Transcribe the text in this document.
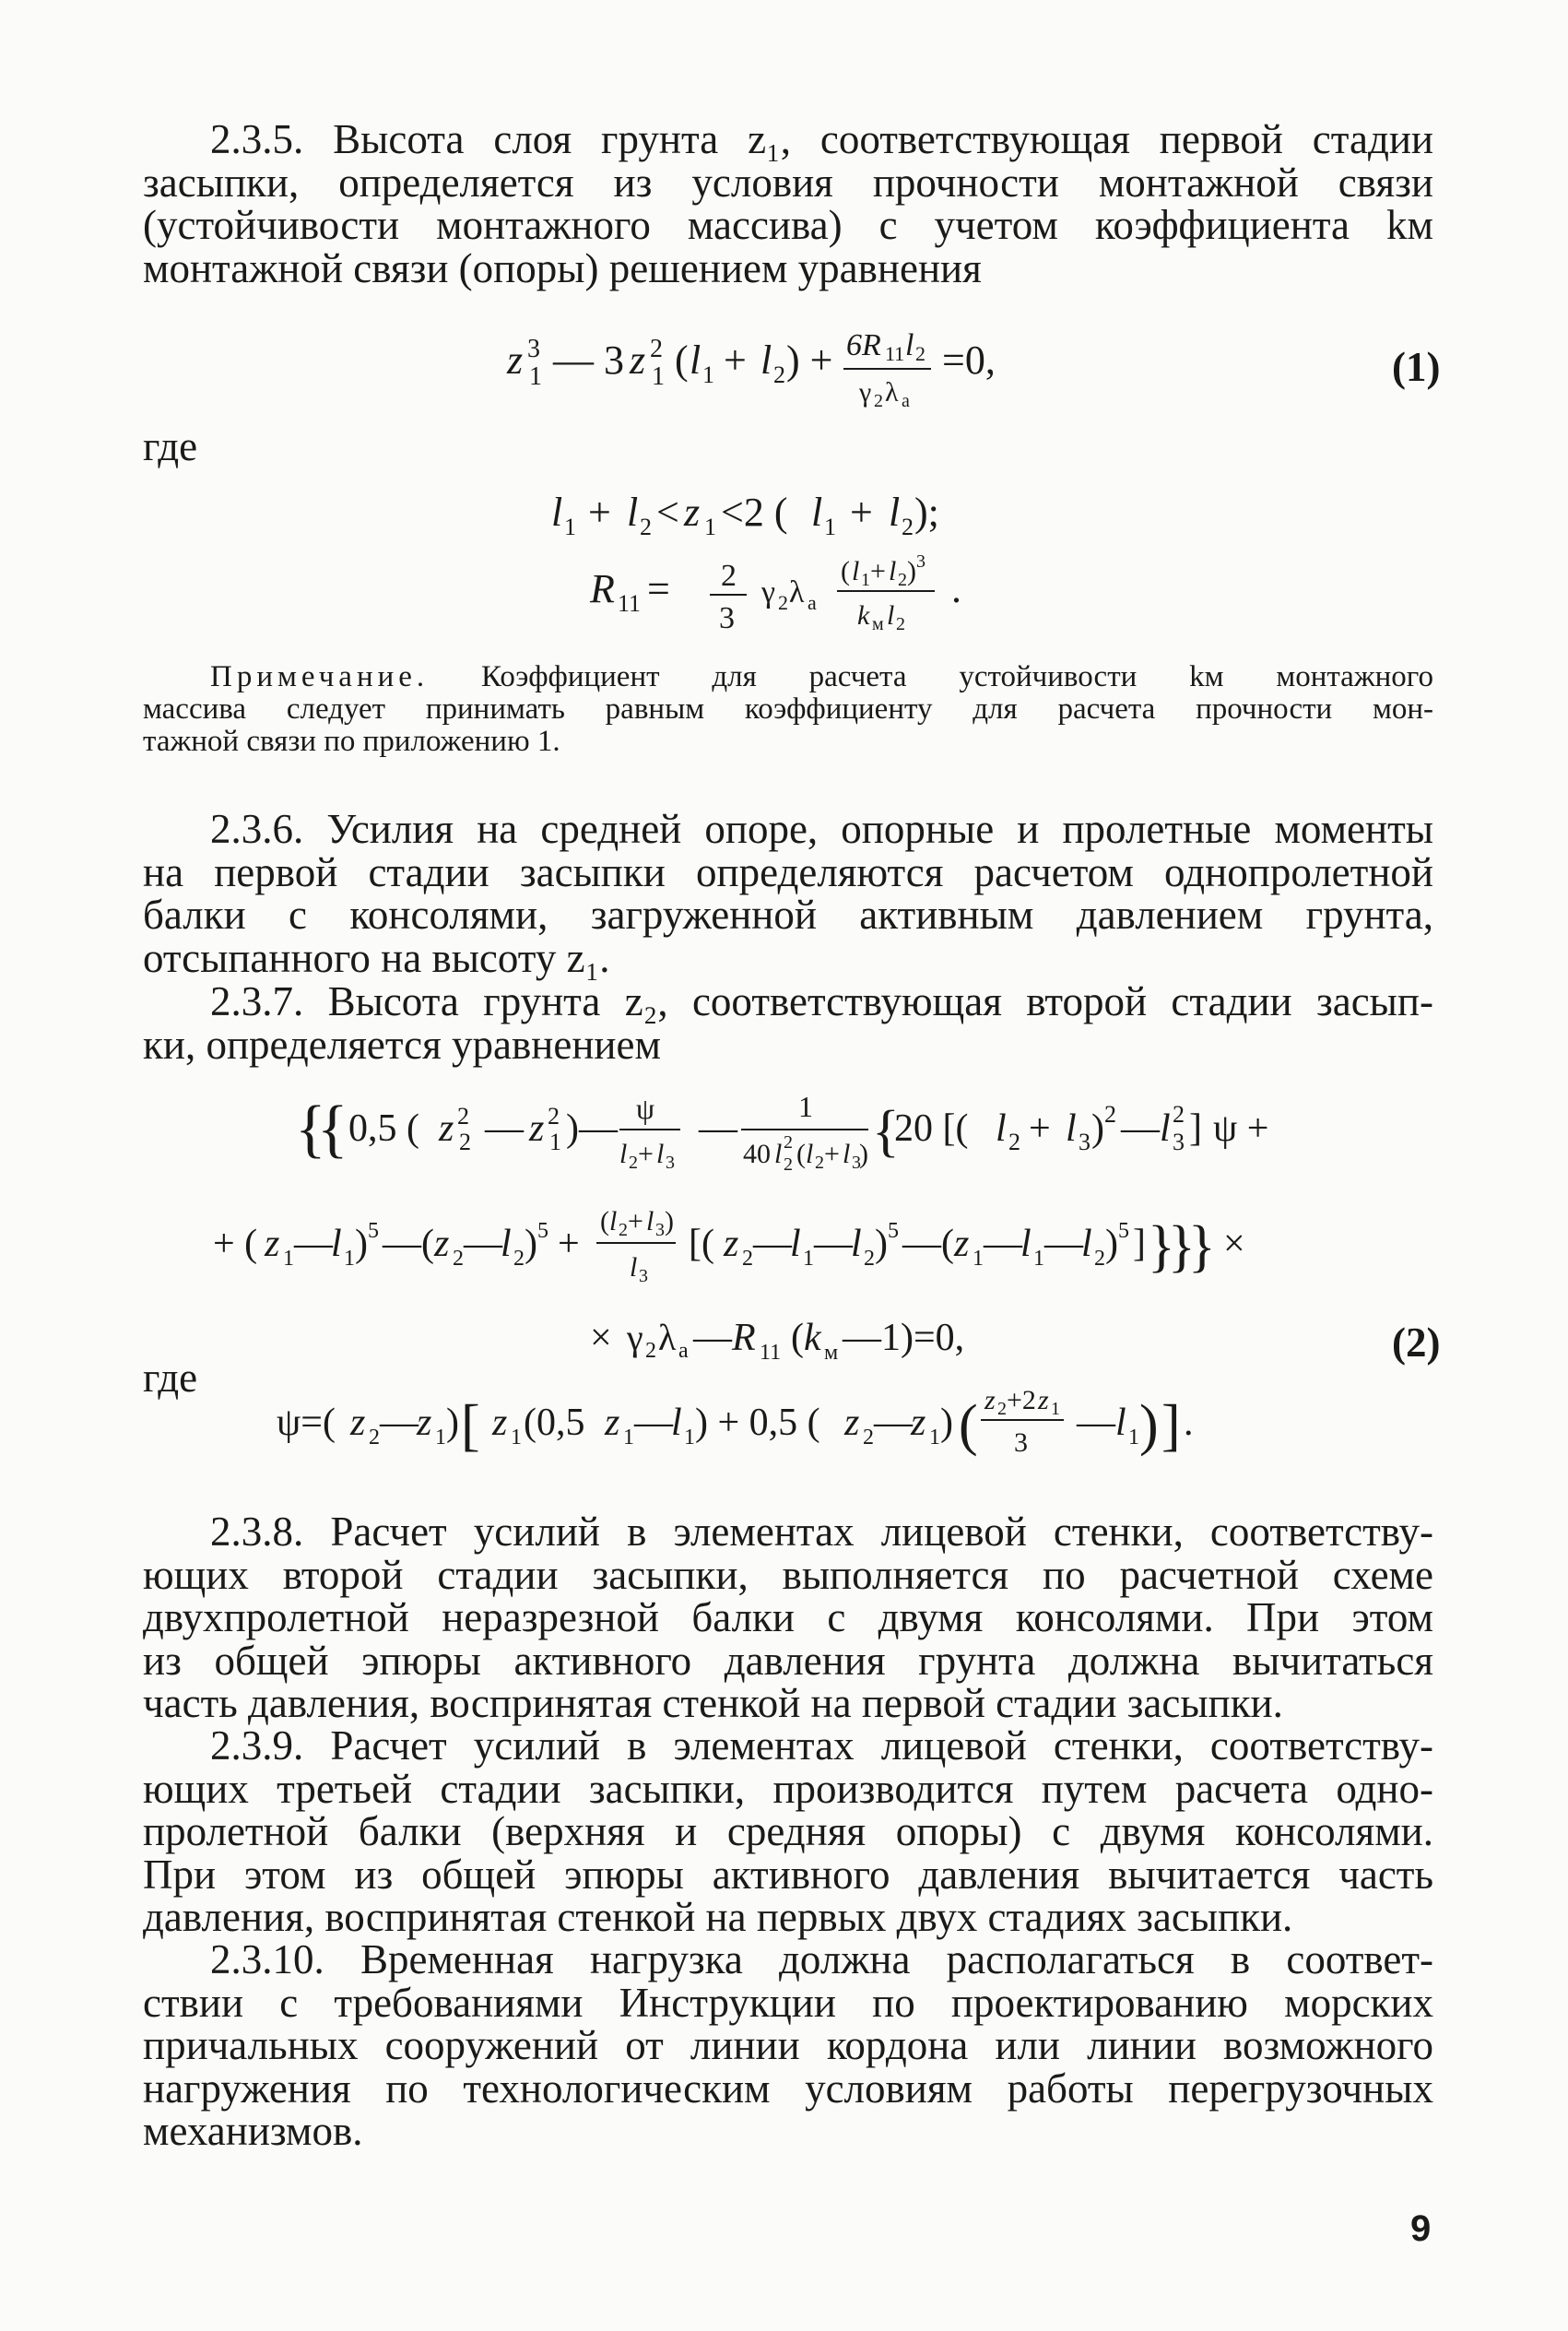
2.3.5. Высота слоя грунта z₁, соответствующая первой стадии
засыпки, определяется из условия прочности монтажной связи
(устойчивости монтажного массива) с учетом коэффициента kм
монтажной связи (опоры) решением уравнения

z 3
1 — 3 z 2
1 ( l 1 + l 2 ) + 6R 11 l 2
γ 2 λ a
=0,	(1)
где
l 1 + l 2 < z 1 <2 ( l 1 + l 2 );
R 11 = 2
3
γ 2 λ a
( l 1 + l 2 ) 3
k м l 2
.
Примечание. Коэффициент для расчета устойчивости kм монтажного
массива следует принимать равным коэффициенту для расчета прочности мон-
тажной связи по приложению 1.

2.3.6. Усилия на средней опоре, опорные и пролетные моменты
на первой стадии засыпки определяются расчетом однопролетной
балки с консолями, загруженной активным давлением грунта,
отсыпанного на высоту z₁.

2.3.7. Высота грунта z₂, соответствующая второй стадии засып-
ки, определяется уравнением

{
{ 0,5 ( z 2
2 — z 2
1 )— ψ
l 2 + l 3
—
1
40 l 2
2 ( l 2 + l 3
) {
20 [( l 2 + l 3 ) 2 — l 2
3 ] ψ +
+ ( z 1 —
l 1 ) 5 —( z 2 —
l 2 ) 5 +
( l 2 + l 3 )
l 3
[( z 2 —
l 1 —
l 2 ) 5 —( z 1 —
l 1 —
l 2 ) 5 ] }
}
} ×
× γ 2 λ a — R 11 ( k м —1)=0,	(2)
где
ψ=( z 2 —
z 1 ) [ z 1 (0,5 z 1 —
l 1 ) + 0,5 ( z 2 —
z 1 ) ( z 2 +2 z 1
3 — l 1 ) ] .

2.3.8. Расчет усилий в элементах лицевой стенки, соответству-
ющих второй стадии засыпки, выполняется по расчетной схеме
двухпролетной неразрезной балки с двумя консолями. При этом
из общей эпюры активного давления грунта должна вычитаться
часть давления, воспринятая стенкой на первой стадии засыпки.

2.3.9. Расчет усилий в элементах лицевой стенки, соответству-
ющих третьей стадии засыпки, производится путем расчета одно-
пролетной балки (верхняя и средняя опоры) с двумя консолями.
При этом из общей эпюры активного давления вычитается часть
давления, воспринятая стенкой на первых двух стадиях засыпки.

2.3.10. Временная нагрузка должна располагаться в соответ-
ствии с требованиями Инструкции по проектированию морских
причальных сооружений от линии кордона или линии возможного
нагружения по технологическим условиям работы перегрузочных
механизмов.

9
